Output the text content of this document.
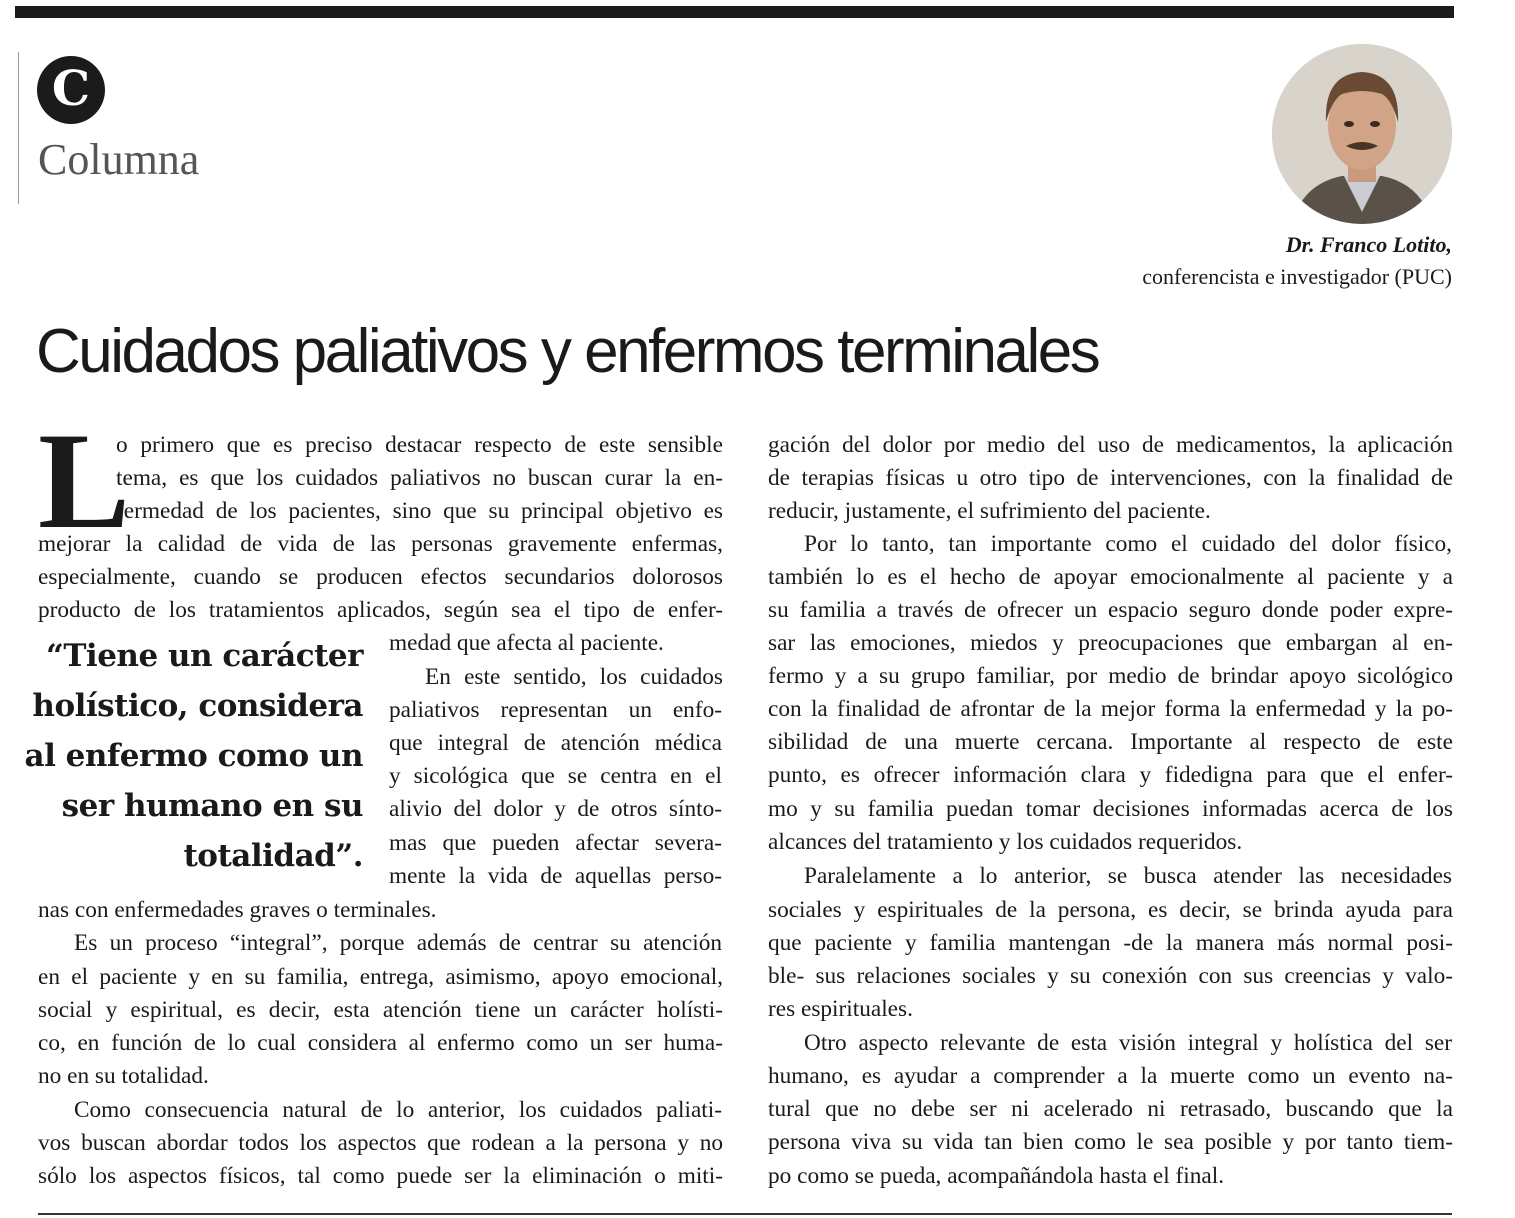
C
Columna
Dr. Franco Lotito,
conferencista e investigador (PUC)
Cuidados paliativos y enfermos terminales
L
“Tiene un carácter
holístico, considera
al enfermo como un
ser humano en su
totalidad”.
o primero que es preciso destacar respecto de este sensible
tema, es que los cuidados paliativos no buscan curar la en-
fermedad de los pacientes, sino que su principal objetivo es
mejorar la calidad de vida de las personas gravemente enfermas,
especialmente, cuando se producen efectos secundarios dolorosos
producto de los tratamientos aplicados, según sea el tipo de enfer-
medad que afecta al paciente.
En este sentido, los cuidados
paliativos representan un enfo-
que integral de atención médica
y sicológica que se centra en el
alivio del dolor y de otros sínto-
mas que pueden afectar severa-
mente la vida de aquellas perso-
nas con enfermedades graves o terminales.
Es un proceso “integral”, porque además de centrar su atención
en el paciente y en su familia, entrega, asimismo, apoyo emocional,
social y espiritual, es decir, esta atención tiene un carácter holísti-
co, en función de lo cual considera al enfermo como un ser huma-
no en su totalidad.
Como consecuencia natural de lo anterior, los cuidados paliati-
vos buscan abordar todos los aspectos que rodean a la persona y no
sólo los aspectos físicos, tal como puede ser la eliminación o miti-
gación del dolor por medio del uso de medicamentos, la aplicación
de terapias físicas u otro tipo de intervenciones, con la finalidad de
reducir, justamente, el sufrimiento del paciente.
Por lo tanto, tan importante como el cuidado del dolor físico,
también lo es el hecho de apoyar emocionalmente al paciente y a
su familia a través de ofrecer un espacio seguro donde poder expre-
sar las emociones, miedos y preocupaciones que embargan al en-
fermo y a su grupo familiar, por medio de brindar apoyo sicológico
con la finalidad de afrontar de la mejor forma la enfermedad y la po-
sibilidad de una muerte cercana. Importante al respecto de este
punto, es ofrecer información clara y fidedigna para que el enfer-
mo y su familia puedan tomar decisiones informadas acerca de los
alcances del tratamiento y los cuidados requeridos.
Paralelamente a lo anterior, se busca atender las necesidades
sociales y espirituales de la persona, es decir, se brinda ayuda para
que paciente y familia mantengan -de la manera más normal posi-
ble- sus relaciones sociales y su conexión con sus creencias y valo-
res espirituales.
Otro aspecto relevante de esta visión integral y holística del ser
humano, es ayudar a comprender a la muerte como un evento na-
tural que no debe ser ni acelerado ni retrasado, buscando que la
persona viva su vida tan bien como le sea posible y por tanto tiem-
po como se pueda, acompañándola hasta el final.
